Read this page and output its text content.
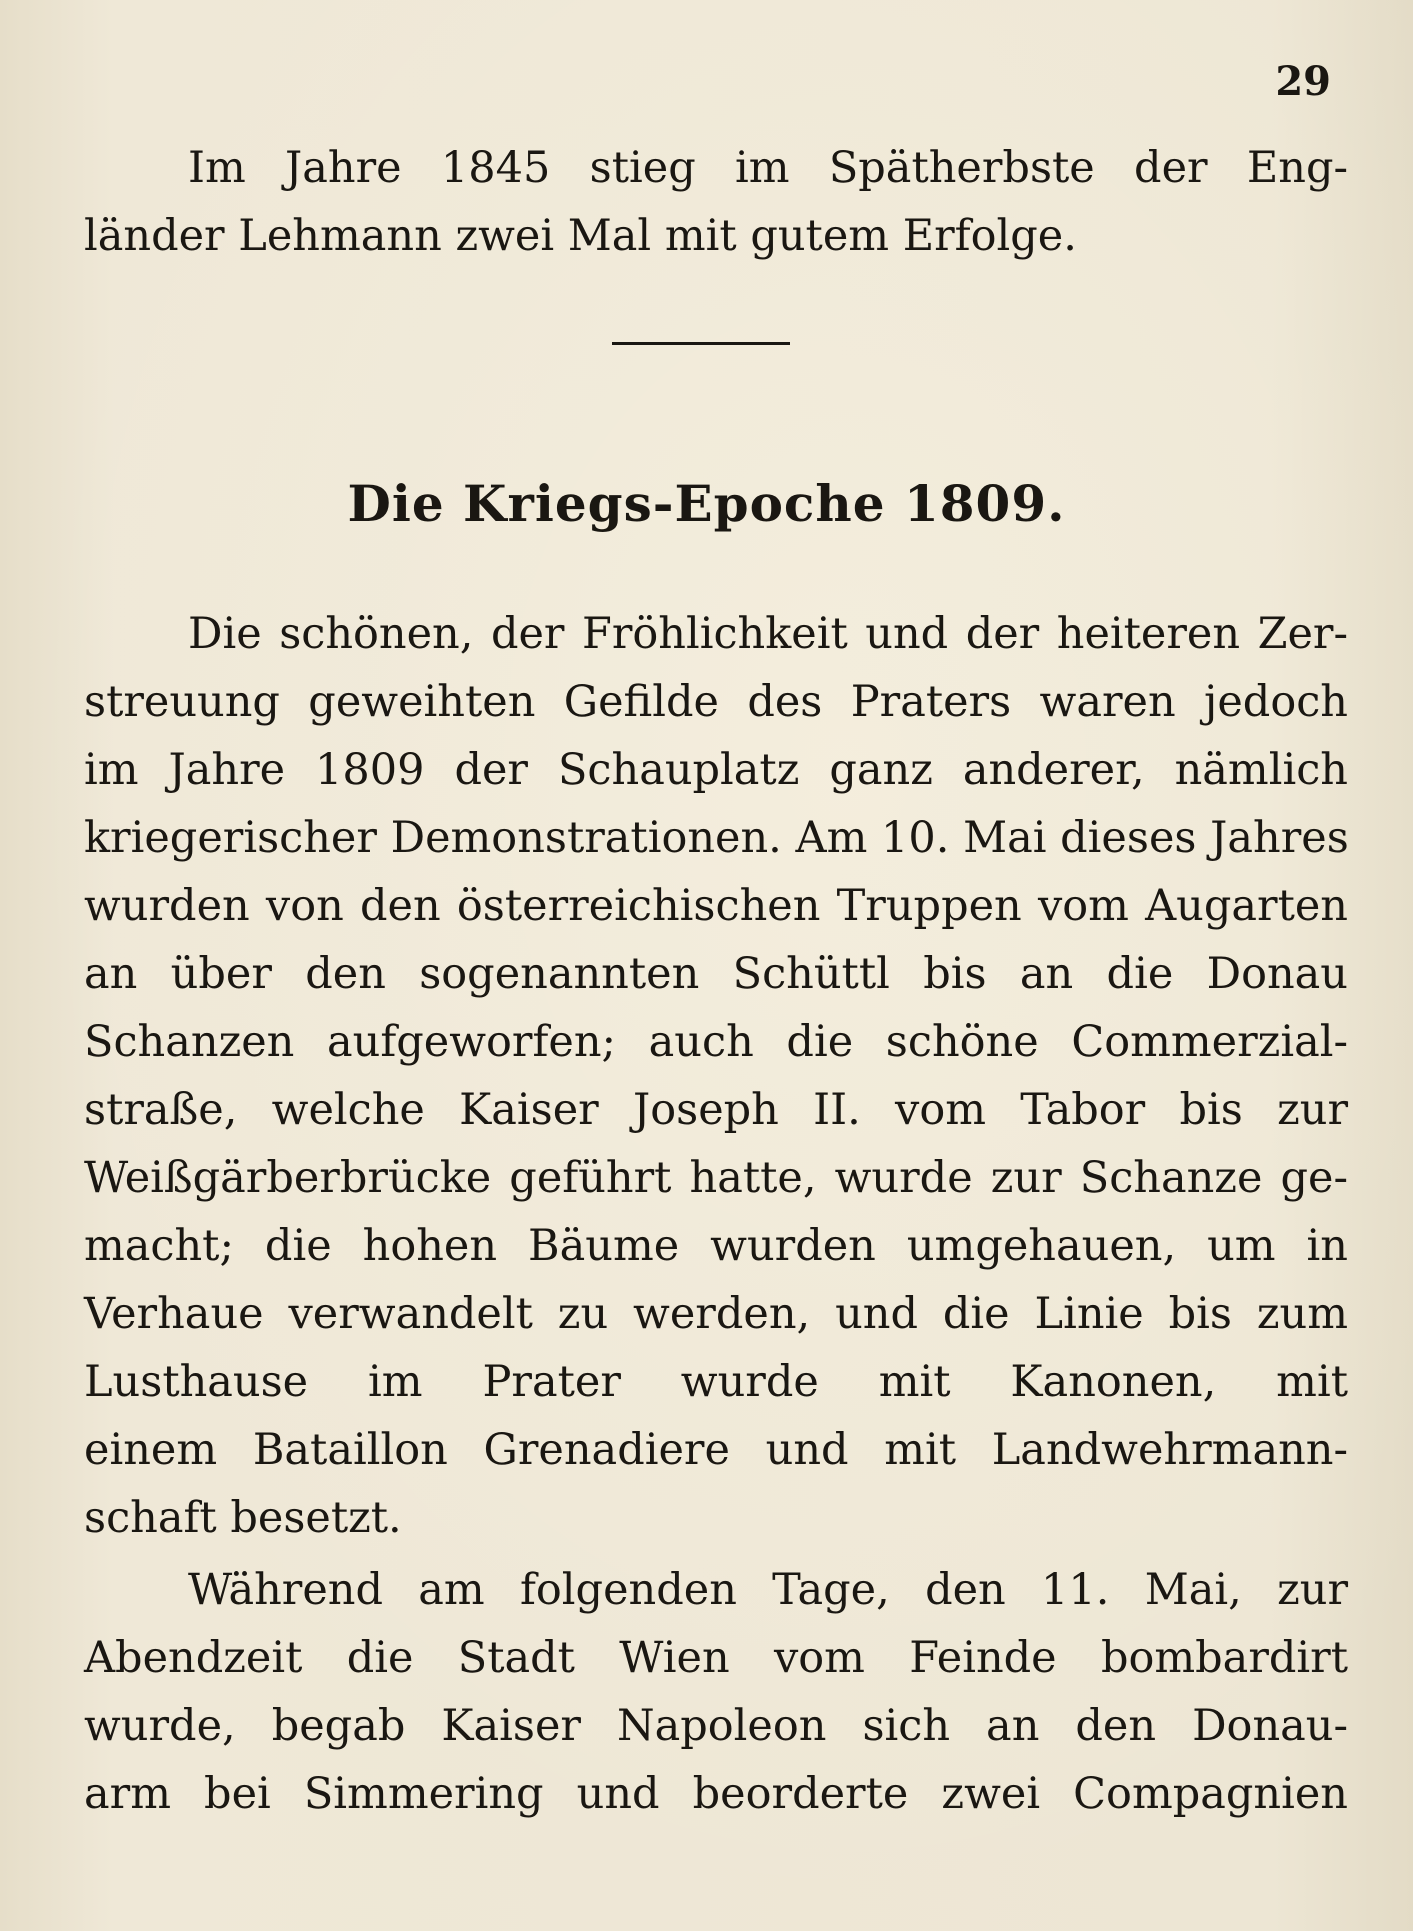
29
Im Jahre 1845 stieg im Spätherbste der Eng-
länder Lehmann zwei Mal mit gutem Erfolge.
Die Kriegs-Epoche 1809.
Die schönen, der Fröhlichkeit und der heiteren Zer-
streuung geweihten Gefilde des Praters waren jedoch
im Jahre 1809 der Schauplatz ganz anderer, nämlich
kriegerischer Demonstrationen. Am 10. Mai dieses Jahres
wurden von den österreichischen Truppen vom Augarten
an über den sogenannten Schüttl bis an die Donau
Schanzen aufgeworfen; auch die schöne Commerzial-
straße, welche Kaiser Joseph II. vom Tabor bis zur
Weißgärberbrücke geführt hatte, wurde zur Schanze ge-
macht; die hohen Bäume wurden umgehauen, um in
Verhaue verwandelt zu werden, und die Linie bis zum
Lusthause im Prater wurde mit Kanonen, mit
einem Bataillon Grenadiere und mit Landwehrmann-
schaft besetzt.
Während am folgenden Tage, den 11. Mai, zur
Abendzeit die Stadt Wien vom Feinde bombardirt
wurde, begab Kaiser Napoleon sich an den Donau-
arm bei Simmering und beorderte zwei Compagnien
